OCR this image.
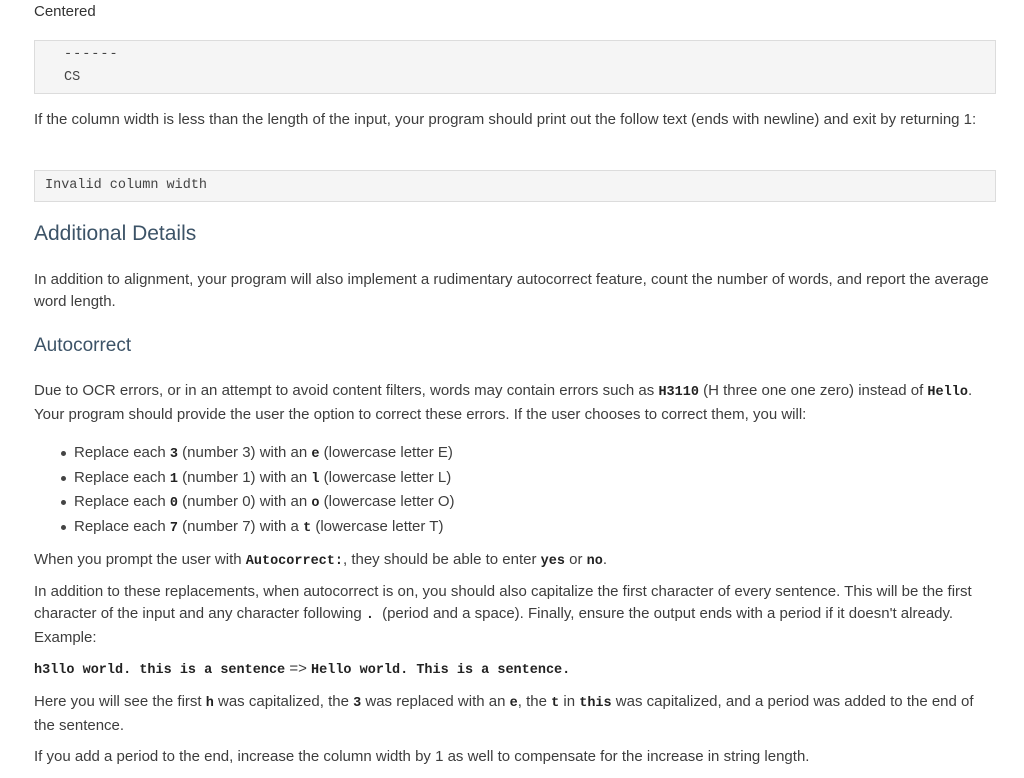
Centered
------
CS
If the column width is less than the length of the input, your program should print out the follow text (ends with newline) and exit by returning 1:
Invalid column width
Additional Details
In addition to alignment, your program will also implement a rudimentary autocorrect feature, count the number of words, and report the average word length.
Autocorrect
Due to OCR errors, or in an attempt to avoid content filters, words may contain errors such as H3110 (H three one one zero) instead of Hello. Your program should provide the user the option to correct these errors. If the user chooses to correct them, you will:
Replace each 3 (number 3) with an e (lowercase letter E)
Replace each 1 (number 1) with an l (lowercase letter L)
Replace each 0 (number 0) with an o (lowercase letter O)
Replace each 7 (number 7) with a t (lowercase letter T)
When you prompt the user with Autocorrect:, they should be able to enter yes or no.
In addition to these replacements, when autocorrect is on, you should also capitalize the first character of every sentence. This will be the first character of the input and any character following . (period and a space). Finally, ensure the output ends with a period if it doesn't already. Example:
h3llo world. this is a sentence => Hello world. This is a sentence.
Here you will see the first h was capitalized, the 3 was replaced with an e, the t in this was capitalized, and a period was added to the end of the sentence.
If you add a period to the end, increase the column width by 1 as well to compensate for the increase in string length.
